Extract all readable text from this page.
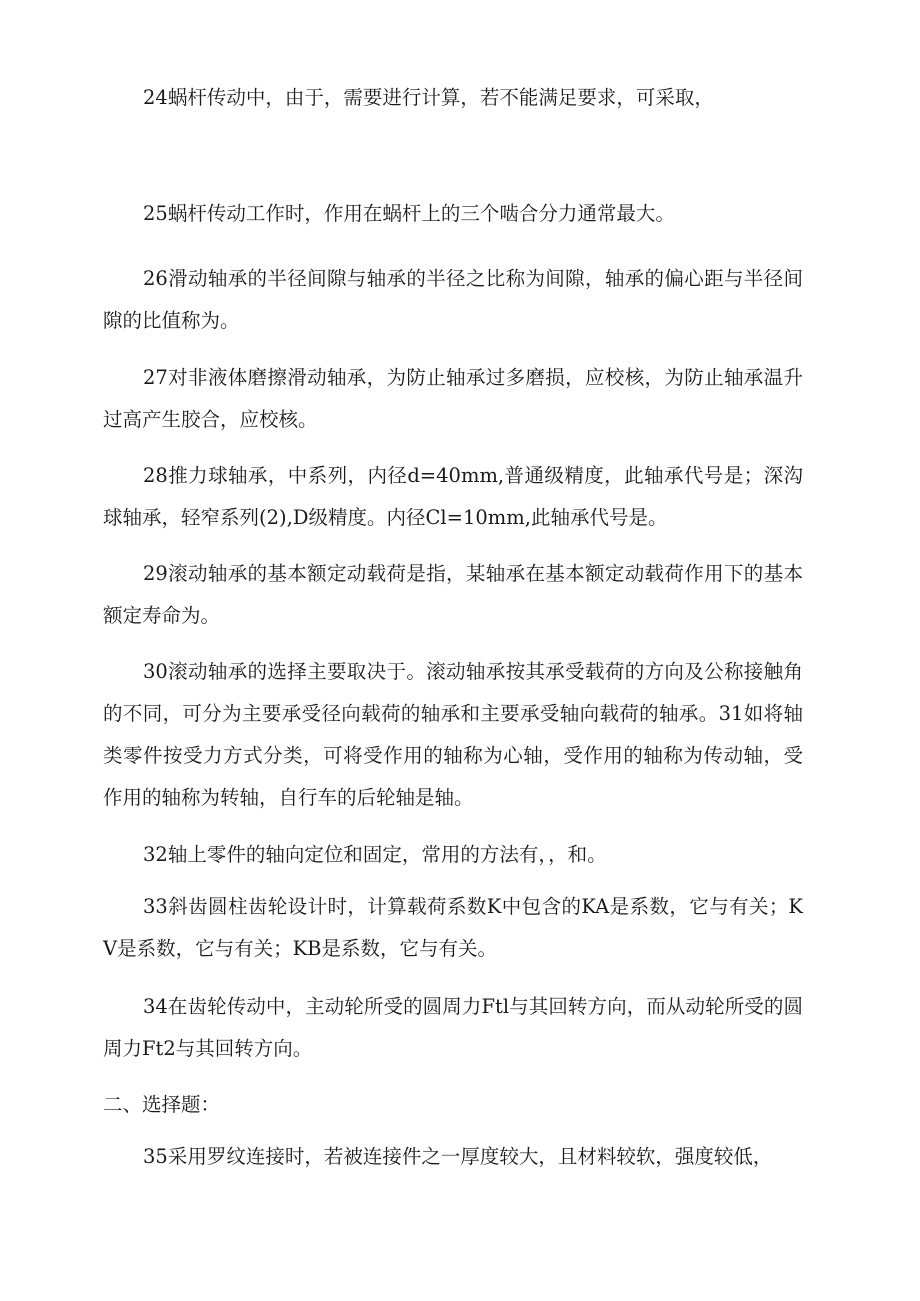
24蜗杆传动中，由于，需要进行计算，若不能满足要求，可采取，

25蜗杆传动工作时，作用在蜗杆上的三个啮合分力通常最大。

26滑动轴承的半径间隙与轴承的半径之比称为间隙，轴承的偏心距与半径间隙的比值称为。

27对非液体磨擦滑动轴承，为防止轴承过多磨损，应校核，为防止轴承温升过高产生胶合，应校核。

28推力球轴承，中系列，内径d=40mm,普通级精度，此轴承代号是；深沟球轴承，轻窄系列(2),D级精度。内径Cl=10mm,此轴承代号是。

29滚动轴承的基本额定动载荷是指，某轴承在基本额定动载荷作用下的基本额定寿命为。

30滚动轴承的选择主要取决于。滚动轴承按其承受载荷的方向及公称接触角的不同，可分为主要承受径向载荷的轴承和主要承受轴向载荷的轴承。31如将轴类零件按受力方式分类，可将受作用的轴称为心轴，受作用的轴称为传动轴，受作用的轴称为转轴，自行车的后轮轴是轴。

32轴上零件的轴向定位和固定，常用的方法有，，和。

33斜齿圆柱齿轮设计时，计算载荷系数K中包含的KA是系数，它与有关；KV是系数，它与有关；KB是系数，它与有关。

34在齿轮传动中，主动轮所受的圆周力Ftl与其回转方向，而从动轮所受的圆周力Ft2与其回转方向。

二、选择题：

35采用罗纹连接时，若被连接件之一厚度较大，且材料较软，强度较低，
